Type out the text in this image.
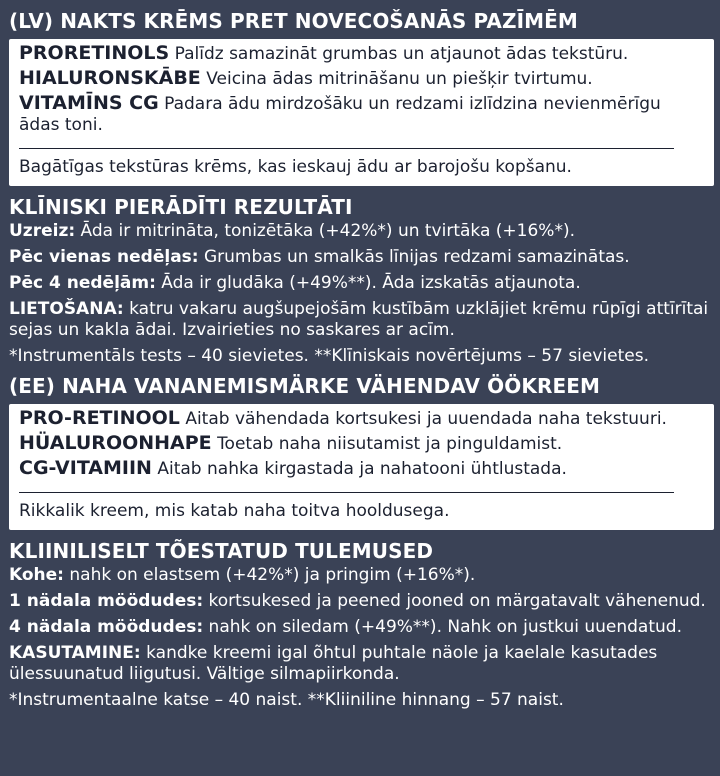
(LV) NAKTS KRĒMS PRET NOVECOŠANĀS PAZĪMĒM

PRORETINOLS Palīdz samazināt grumbas un atjaunot ādas tekstūru.

HIALURONSKĀBE Veicina ādas mitrināšanu un piešķir tvirtumu.

VITAMĪNS CG Padara ādu mirdzošāku un redzami izlīdzina nevienmērīgu ādas toni.

Bagātīgas tekstūras krēms, kas ieskauj ādu ar barojošu kopšanu.

KLĪNISKI PIERĀDĪTI REZULTĀTI

Uzreiz: Āda ir mitrināta, tonizētāka (+42%*) un tvirtāka (+16%*).

Pēc vienas nedēļas: Grumbas un smalkās līnijas redzami samazinātas.

Pēc 4 nedēļām: Āda ir gludāka (+49%**). Āda izskatās atjaunota.

LIETOŠANA: katru vakaru augšupejošām kustībām uzklājiet krēmu rūpīgi attīrītai sejas un kakla ādai. Izvairieties no saskares ar acīm.

*Instrumentāls tests – 40 sievietes. **Klīniskais novērtējums – 57 sievietes.

(EE) NAHA VANANEMISMÄRKE VÄHENDAV ÖÖKREEM

PRO-RETINOOL Aitab vähendada kortsukesi ja uuendada naha tekstuuri.

HÜALUROONHAPE Toetab naha niisutamist ja pinguldamist.

CG-VITAMIIN Aitab nahka kirgastada ja nahatooni ühtlustada.

Rikkalik kreem, mis katab naha toitva hooldusega.

KLIINILISELT TÕESTATUD TULEMUSED

Kohe: nahk on elastsem (+42%*) ja pringim (+16%*).

1 nädala möödudes: kortsukesed ja peened jooned on märgatavalt vähenenud.

4 nädala möödudes: nahk on siledam (+49%**). Nahk on justkui uuendatud.

KASUTAMINE: kandke kreemi igal õhtul puhtale näole ja kaelale kasutades ülessuunatud liigutusi. Vältige silmapiirkonda.

*Instrumentaalne katse – 40 naist. **Kliiniline hinnang – 57 naist.
